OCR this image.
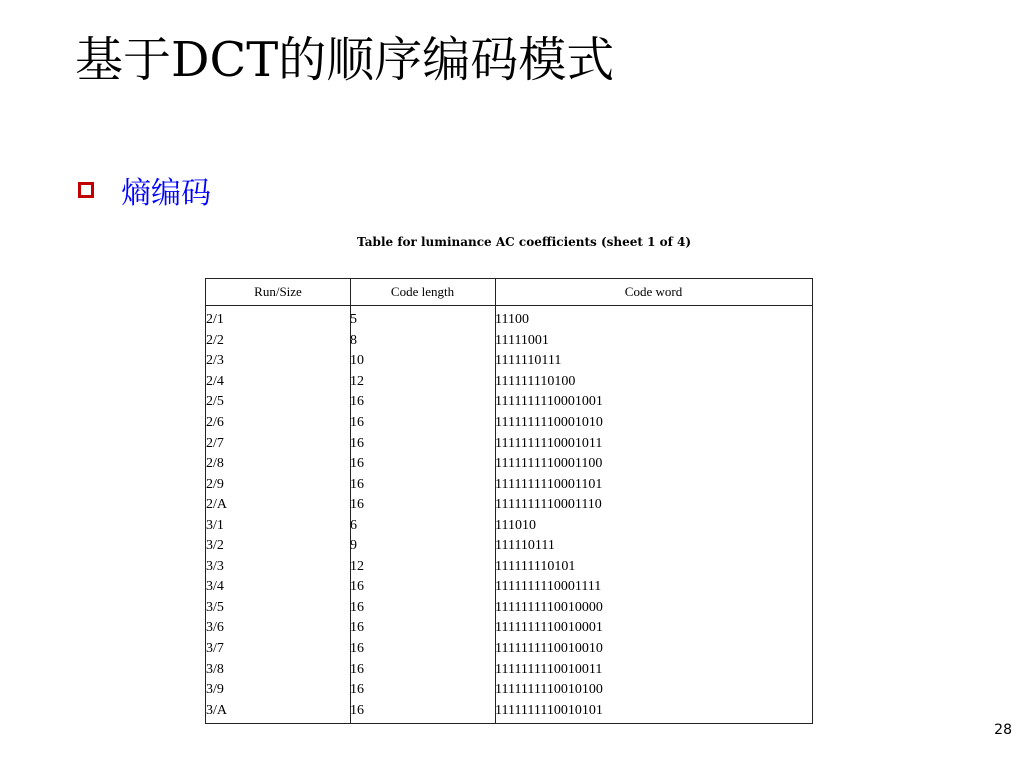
基于DCT的顺序编码模式
熵编码
Table for luminance AC coefficients (sheet 1 of 4)
Run/Size	Code length	Code word
2/1	5	11100
2/2	8	11111001
2/3	10	1111110111
2/4	12	111111110100
2/5	16	1111111110001001
2/6	16	1111111110001010
2/7	16	1111111110001011
2/8	16	1111111110001100
2/9	16	1111111110001101
2/A	16	1111111110001110
3/1	6	111010
3/2	9	111110111
3/3	12	111111110101
3/4	16	1111111110001111
3/5	16	1111111110010000
3/6	16	1111111110010001
3/7	16	1111111110010010
3/8	16	1111111110010011
3/9	16	1111111110010100
3/A	16	1111111110010101
28
